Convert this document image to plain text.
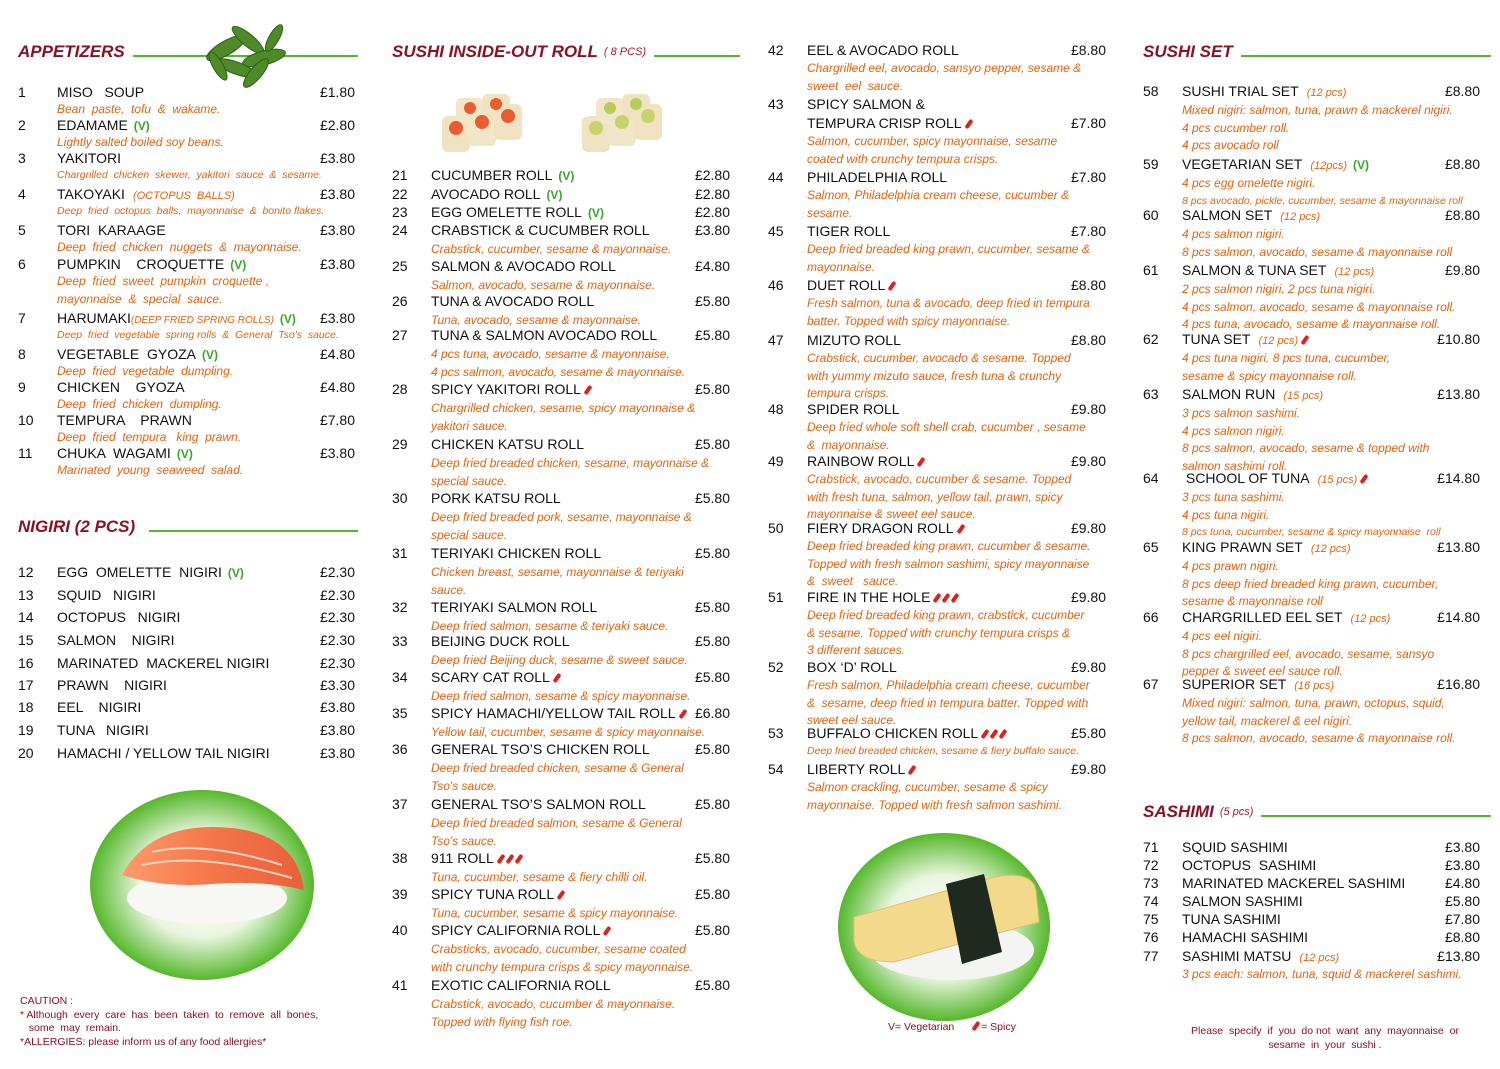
APPETIZERS
1 MISO   SOUP	£1.80
Bean  paste,  tofu  &  wakame.
2 EDAMAME (V)	£2.80
Lightly salted boiled soy beans.
3 YAKITORI	£3.80
Chargrilled  chicken  skewer,  yakitori  sauce  &  sesame.
4 TAKOYAKI (OCTOPUS  BALLS)	£3.80
Deep  fried  octopus  balls,  mayonnaise  &  bonito flakes.
5 TORI  KARAAGE	£3.80
Deep  fried  chicken  nuggets  &  mayonnaise.
6 PUMPKIN    CROQUETTE (V)	£3.80
Deep  fried  sweet  pumpkin  croquette ,
mayonnaise  &  special  sauce.
7 HARUMAKI(DEEP FRIED SPRING ROLLS) (V) £3.80
Deep  fried  vegetable  spring rolls  &  General  Tso's  sauce.
8 VEGETABLE  GYOZA (V)	£4.80
Deep  fried  vegetable  dumpling.
9 CHICKEN    GYOZA	£4.80
Deep  fried  chicken  dumpling.
10 TEMPURA    PRAWN	£7.80
Deep  fried  tempura   king  prawn.
11 CHUKA  WAGAMI (V)	£3.80
Marinated  young  seaweed  salad.
NIGIRI (2 PCS)
12 EGG  OMELETTE  NIGIRI (V)	£2.30
13 SQUID   NIGIRI	£2.30
14 OCTOPUS   NIGIRI	£2.30
15 SALMON    NIGIRI	£2.30
16 MARINATED  MACKEREL NIGIRI	£2.30
17 PRAWN    NIGIRI	£3.30
18 EEL    NIGIRI	£3.80
19 TUNA   NIGIRI	£3.80
20 HAMACHI / YELLOW TAIL NIGIRI	£3.80
CAUTION :
* Although  every  care  has  been  taken  to  remove  all  bones,
some  may  remain.
*ALLERGIES: please inform us of any food allergies*
SUSHI INSIDE-OUT ROLL ( 8 PCS)
21 CUCUMBER ROLL (V)	£2.80
22 AVOCADO ROLL (V)	£2.80
23 EGG OMELETTE ROLL (V)	£2.80
24 CRABSTICK & CUCUMBER ROLL	£3.80
Crabstick, cucumber, sesame & mayonnaise.
25 SALMON & AVOCADO ROLL	£4.80
Salmon, avocado, sesame & mayonnaise.
26 TUNA & AVOCADO ROLL	£5.80
Tuna, avocado, sesame & mayonnaise.
27 TUNA & SALMON AVOCADO ROLL	£5.80
4 pcs tuna, avocado, sesame & mayonnaise.
4 pcs salmon, avocado, sesame & mayonnaise.
28 SPICY YAKITORI ROLL	£5.80
Chargrilled chicken, sesame, spicy mayonnaise &
yakitori sauce.
29 CHICKEN KATSU ROLL	£5.80
Deep fried breaded chicken, sesame, mayonnaise &
special sauce.
30 PORK KATSU ROLL	£5.80
Deep fried breaded pork, sesame, mayonnaise &
special sauce.
31 TERIYAKI CHICKEN ROLL	£5.80
Chicken breast, sesame, mayonnaise & teriyaki
sauce.
32 TERIYAKI SALMON ROLL	£5.80
Deep fried salmon, sesame & teriyaki sauce.
33 BEIJING DUCK ROLL	£5.80
Deep fried Beijing duck, sesame & sweet sauce.
34 SCARY CAT ROLL	£5.80
Deep fried salmon, sesame & spicy mayonnaise.
35 SPICY HAMACHI/YELLOW TAIL ROLL	£6.80
Yellow tail, cucumber, sesame & spicy mayonnaise.
36 GENERAL TSO’S CHICKEN ROLL	£5.80
Deep fried breaded chicken, sesame & General
Tso's sauce.
37 GENERAL TSO’S SALMON ROLL	£5.80
Deep fried breaded salmon, sesame & General
Tso's sauce.
38 911 ROLL	£5.80
Tuna, cucumber, sesame & fiery chilli oil.
39 SPICY TUNA ROLL	£5.80
Tuna, cucumber, sesame & spicy mayonnaise.
40 SPICY CALIFORNIA ROLL	£5.80
Crabsticks, avocado, cucumber, sesame coated
with crunchy tempura crisps & spicy mayonnaise.
41 EXOTIC CALIFORNIA ROLL	£5.80
Crabstick, avocado, cucumber & mayonnaise.
Topped with flying fish roe.
42 EEL & AVOCADO ROLL	£8.80
Chargrilled eel, avocado, sansyo pepper, sesame &
sweet  eel  sauce.
43 SPICY SALMON &
TEMPURA CRISP ROLL	£7.80
Salmon, cucumber, spicy mayonnaise, sesame
coated with crunchy tempura crisps.
44 PHILADELPHIA ROLL	£7.80
Salmon, Philadelphia cream cheese, cucumber &
sesame.
45 TIGER ROLL	£7.80
Deep fried breaded king prawn, cucumber, sesame &
mayonnaise.
46 DUET ROLL	£8.80
Fresh salmon, tuna & avocado, deep fried in tempura
batter. Topped with spicy mayonnaise.
47 MIZUTO ROLL	£8.80
Crabstick, cucumber, avocado & sesame. Topped
with yummy mizuto sauce, fresh tuna & crunchy
tempura crisps.
48 SPIDER ROLL	£9.80
Deep fried whole soft shell crab, cucumber , sesame
&  mayonnaise.
49 RAINBOW ROLL	£9.80
Crabstick, avocado, cucumber & sesame. Topped
with fresh tuna, salmon, yellow tail, prawn, spicy
mayonnaise & sweet eel sauce.
50 FIERY DRAGON ROLL	£9.80
Deep fried breaded king prawn, cucumber & sesame.
Topped with fresh salmon sashimi, spicy mayonnaise
&  sweet   sauce.
51 FIRE IN THE HOLE	£9.80
Deep fried breaded king prawn, crabstick, cucumber
& sesame. Topped with crunchy tempura crisps &
3 different sauces.
52 BOX ‘D’ ROLL	£9.80
Fresh salmon, Philadelphia cream cheese, cucumber
&  sesame, deep fried in tempura batter. Topped with
sweet eel sauce.
53 BUFFALO CHICKEN ROLL	£5.80
Deep fried breaded chicken, sesame & fiery buffalo sauce.
54 LIBERTY ROLL	£9.80
Salmon crackling, cucumber, sesame & spicy
mayonnaise. Topped with fresh salmon sashimi.
V= Vegetarian	= Spicy
SUSHI SET
58 SUSHI TRIAL SET (12 pcs)	£8.80
Mixed nigiri: salmon, tuna, prawn & mackerel nigiri.
4 pcs cucumber roll.
4 pcs avocado roll
59 VEGETARIAN SET (12pcs) (V)	£8.80
4 pcs egg omelette nigiri.
8 pcs avocado, pickle, cucumber, sesame & mayonnaise roll
60 SALMON SET (12 pcs)	£8.80
4 pcs salmon nigiri.
8 pcs salmon, avocado, sesame & mayonnaise roll
61 SALMON & TUNA SET (12 pcs)	£9.80
2 pcs salmon nigiri. 2 pcs tuna nigiri.
4 pcs salmon, avocado, sesame & mayonnaise roll.
4 pcs tuna, avocado, sesame & mayonnaise roll.
62 TUNA SET (12 pcs)	£10.80
4 pcs tuna nigiri. 8 pcs tuna, cucumber,
sesame & spicy mayonnaise roll.
63 SALMON RUN (15 pcs)	£13.80
3 pcs salmon sashimi.
4 pcs salmon nigiri.
8 pcs salmon, avocado, sesame & topped with
salmon sashimi roll.
64 SCHOOL OF TUNA (15 pcs)	£14.80
3 pcs tuna sashimi.
4 pcs tuna nigiri.
8 pcs tuna, cucumber, sesame & spicy mayonnaise  roll
65 KING PRAWN SET (12 pcs)	£13.80
4 pcs prawn nigiri.
8 pcs deep fried breaded king prawn, cucumber,
sesame & mayonnaise roll
66 CHARGRILLED EEL SET (12 pcs)	£14.80
4 pcs eel nigiri.
8 pcs chargrilled eel, avocado, sesame, sansyo
pepper & sweet eel sauce roll.
67 SUPERIOR SET (16 pcs)	£16.80
Mixed nigiri: salmon, tuna, prawn, octopus, squid,
yellow tail, mackerel & eel nigiri.
8 pcs salmon, avocado, sesame & mayonnaise roll.
SASHIMI (5 pcs)
71 SQUID SASHIMI	£3.80
72 OCTOPUS  SASHIMI	£3.80
73 MARINATED MACKEREL SASHIMI	£4.80
74 SALMON SASHIMI	£5.80
75 TUNA SASHIMI	£7.80
76 HAMACHI SASHIMI	£8.80
77 SASHIMI MATSU (12 pcs)	£13.80
3 pcs each: salmon, tuna, squid & mackerel sashimi.
Please  specify  if  you  do not  want  any  mayonnaise  or
sesame  in  your  sushi .
